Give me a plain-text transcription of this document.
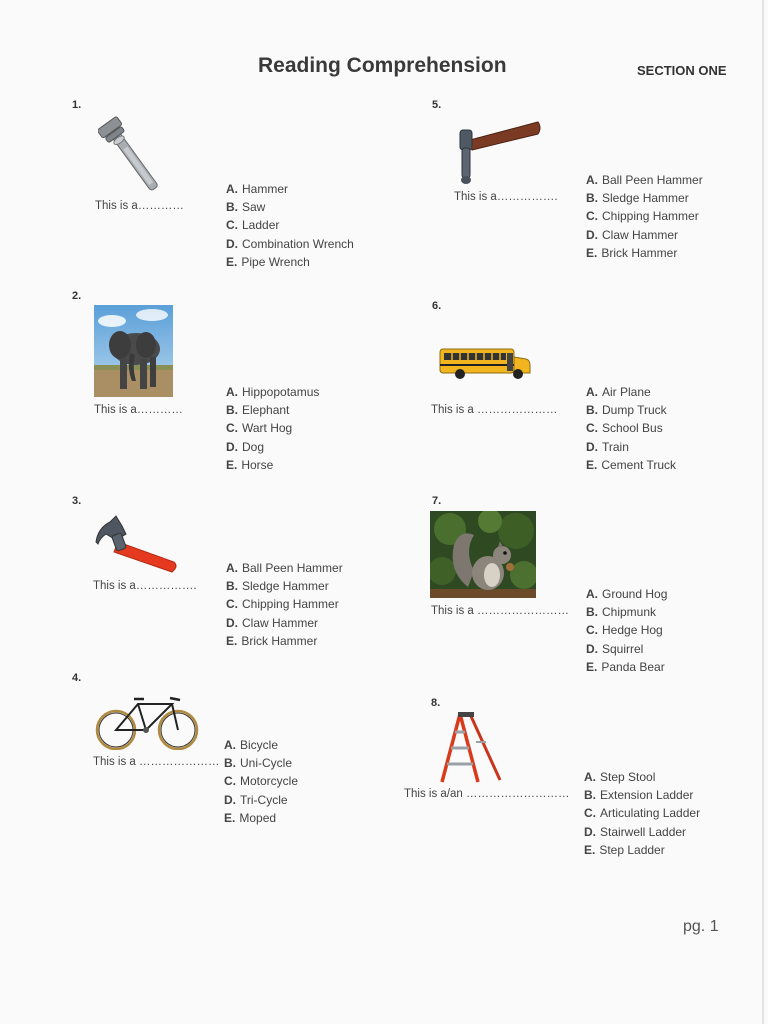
Reading Comprehension	SECTION ONE
1.
This is a…………
A. Hammer
B. Saw
C. Ladder
D. Combination Wrench
E. Pipe Wrench
2.
This is a…………
A. Hippopotamus
B. Elephant
C. Wart Hog
D. Dog
E. Horse
3.
This is a…………….
A. Ball Peen Hammer
B. Sledge Hammer
C. Chipping Hammer
D. Claw Hammer
E. Brick Hammer
4.
This is a …………………
A. Bicycle
B. Uni-Cycle
C. Motorcycle
D. Tri-Cycle
E. Moped
5.
This is a…………….
A. Ball Peen Hammer
B. Sledge Hammer
C. Chipping Hammer
D. Claw Hammer
E. Brick Hammer
6.
This is a …………………
A. Air Plane
B. Dump Truck
C. School Bus
D. Train
E. Cement Truck
7.
This is a ……………………
A. Ground Hog
B. Chipmunk
C. Hedge Hog
D. Squirrel
E. Panda Bear
8.
This is a/an ………………………
A. Step Stool
B. Extension Ladder
C. Articulating Ladder
D. Stairwell Ladder
E. Step Ladder
pg. 1
